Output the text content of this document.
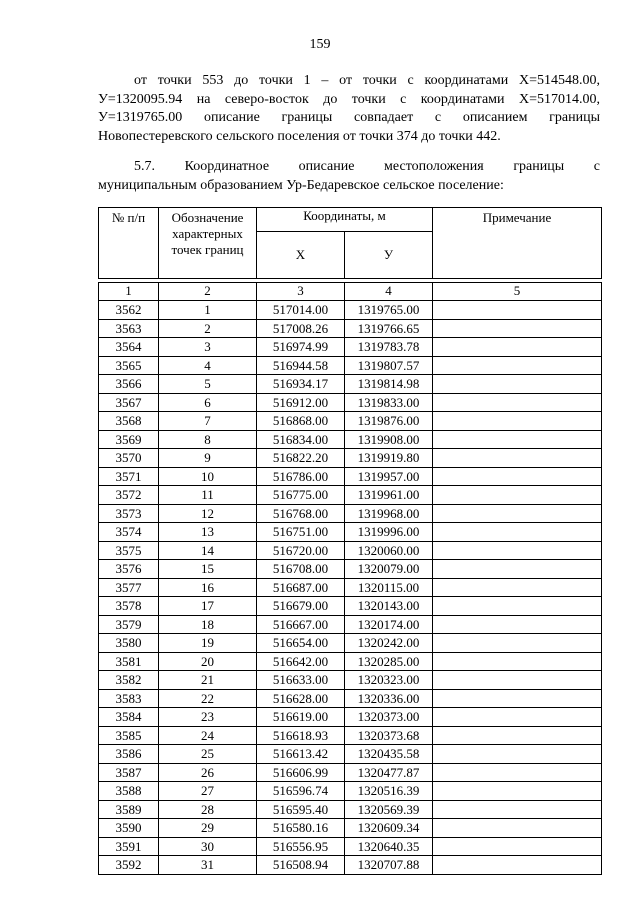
159
от точки 553 до точки 1 – от точки с координатами Х=514548.00, У=1320095.94 на северо-восток до точки с координатами Х=517014.00, У=1319765.00 описание границы совпадает с описанием границы Новопестеревского сельского поселения от точки 374 до точки 442.
5.7. Координатное описание местоположения границы с
муниципальным образованием Ур-Бедаревское сельское поселение:
№ п/п	Обозначение характерных точек границ	Координаты, м		Примечание
		Х	У	

1	2	3	4	5
3562	1	517014.00	1319765.00	
3563	2	517008.26	1319766.65	
3564	3	516974.99	1319783.78	
3565	4	516944.58	1319807.57	
3566	5	516934.17	1319814.98	
3567	6	516912.00	1319833.00	
3568	7	516868.00	1319876.00	
3569	8	516834.00	1319908.00	
3570	9	516822.20	1319919.80	
3571	10	516786.00	1319957.00	
3572	11	516775.00	1319961.00	
3573	12	516768.00	1319968.00	
3574	13	516751.00	1319996.00	
3575	14	516720.00	1320060.00	
3576	15	516708.00	1320079.00	
3577	16	516687.00	1320115.00	
3578	17	516679.00	1320143.00	
3579	18	516667.00	1320174.00	
3580	19	516654.00	1320242.00	
3581	20	516642.00	1320285.00	
3582	21	516633.00	1320323.00	
3583	22	516628.00	1320336.00	
3584	23	516619.00	1320373.00	
3585	24	516618.93	1320373.68	
3586	25	516613.42	1320435.58	
3587	26	516606.99	1320477.87	
3588	27	516596.74	1320516.39	
3589	28	516595.40	1320569.39	
3590	29	516580.16	1320609.34	
3591	30	516556.95	1320640.35	
3592	31	516508.94	1320707.88	
